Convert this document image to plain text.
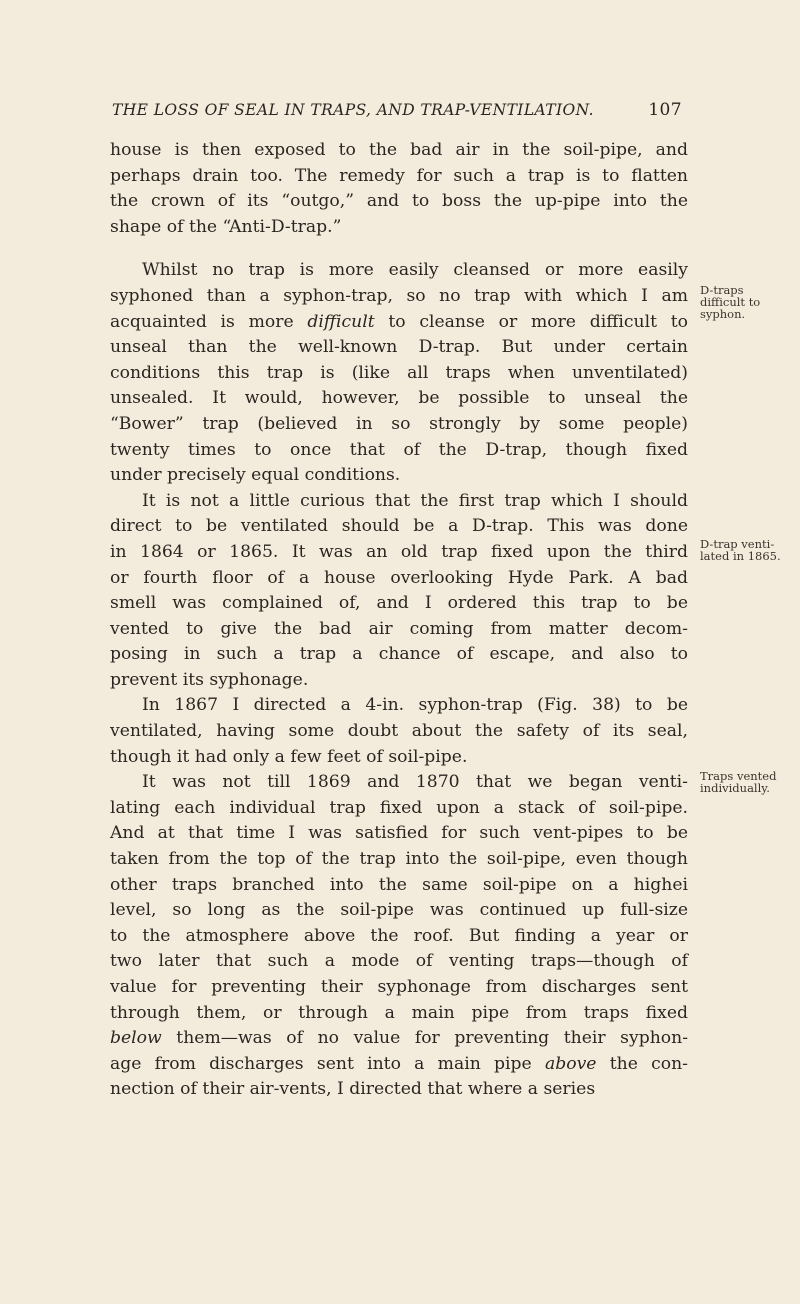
THE LOSS OF SEAL IN TRAPS, AND TRAP-VENTILATION.	107
house is then exposed to the bad air in the soil-pipe, and
perhaps drain too. The remedy for such a trap is to flatten
the crown of its “outgo,” and to boss the up-pipe into the
shape of the “Anti-D-trap.”
Whilst no trap is more easily cleansed or more easily
syphoned than a syphon-trap, so no trap with which I am
acquainted is more difficult to cleanse or more difficult to
unseal than the well-known D-trap. But under certain
conditions this trap is (like all traps when unventilated)
unsealed. It would, however, be possible to unseal the
“Bower” trap (believed in so strongly by some people)
twenty times to once that of the D-trap, though fixed
under precisely equal conditions.
It is not a little curious that the first trap which I should
direct to be ventilated should be a D-trap. This was done
in 1864 or 1865. It was an old trap fixed upon the third
or fourth floor of a house overlooking Hyde Park. A bad
smell was complained of, and I ordered this trap to be
vented to give the bad air coming from matter decom-
posing in such a trap a chance of escape, and also to
prevent its syphonage.
In 1867 I directed a 4-in. syphon-trap (Fig. 38) to be
ventilated, having some doubt about the safety of its seal,
though it had only a few feet of soil-pipe.
It was not till 1869 and 1870 that we began venti-
lating each individual trap fixed upon a stack of soil-pipe.
And at that time I was satisfied for such vent-pipes to be
taken from the top of the trap into the soil-pipe, even though
other traps branched into the same soil-pipe on a highei
level, so long as the soil-pipe was continued up full-size
to the atmosphere above the roof. But finding a year or
two later that such a mode of venting traps—though of
value for preventing their syphonage from discharges sent
through them, or through a main pipe from traps fixed
below them—was of no value for preventing their syphon-
age from discharges sent into a main pipe above the con-
nection of their air-vents, I directed that where a series
D-traps
difficult to
syphon.
D-trap venti-
lated in 1865.
Traps vented
individually.
